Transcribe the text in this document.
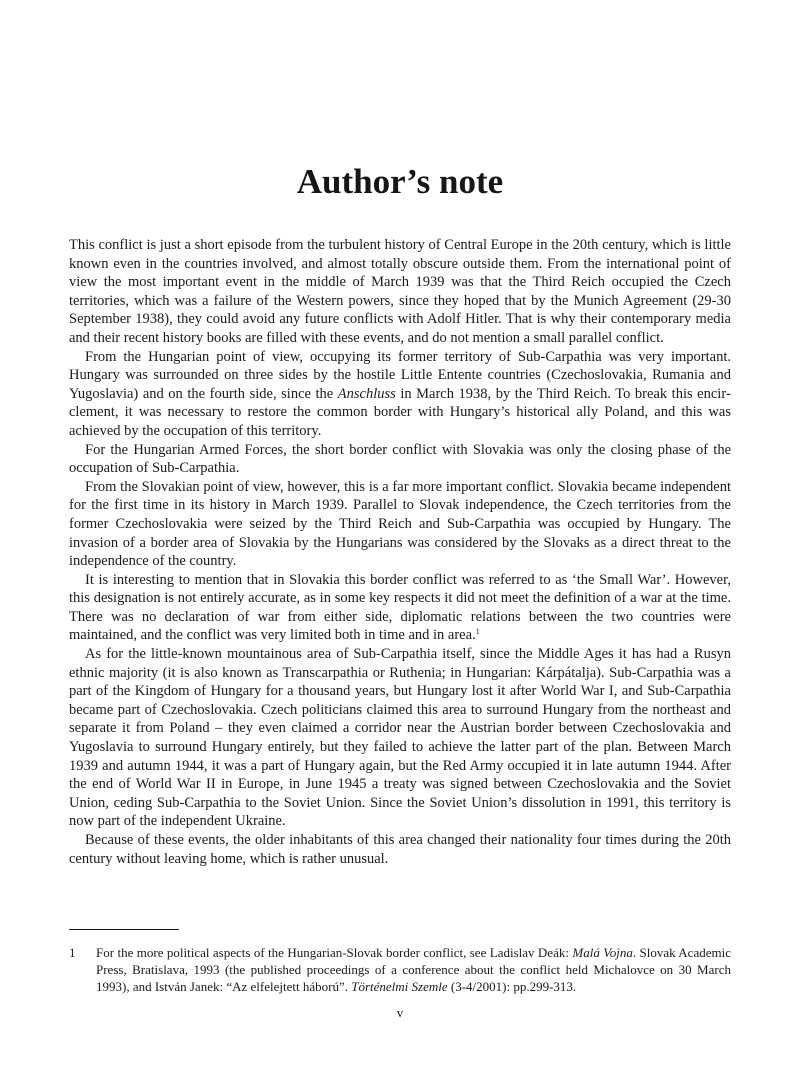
Author’s note

This conflict is just a short episode from the turbulent history of Central Europe in the 20th century, which is little known even in the countries involved, and almost totally obscure outside them. From the international point of view the most important event in the middle of March 1939 was that the Third Reich occupied the Czech territories, which was a failure of the Western powers, since they hoped that by the Munich Agreement (29-30 September 1938), they could avoid any future conflicts with Adolf Hitler. That is why their contemporary media and their recent history books are filled with these events, and do not mention a small parallel conflict.

From the Hungarian point of view, occupying its former territory of Sub-Carpathia was very important. Hungary was surrounded on three sides by the hostile Little Entente countries (Czechoslovakia, Rumania and Yugoslavia) and on the fourth side, since the Anschluss in March 1938, by the Third Reich. To break this encirclement, it was necessary to restore the common border with Hungary’s historical ally Poland, and this was achieved by the occupation of this territory.

For the Hungarian Armed Forces, the short border conflict with Slovakia was only the closing phase of the occupation of Sub-Carpathia.

From the Slovakian point of view, however, this is a far more important conflict. Slovakia became independent for the first time in its history in March 1939. Parallel to Slovak independence, the Czech territories from the former Czechoslovakia were seized by the Third Reich and Sub-Carpathia was occupied by Hungary. The invasion of a border area of Slovakia by the Hungarians was considered by the Slovaks as a direct threat to the independence of the country.

It is interesting to mention that in Slovakia this border conflict was referred to as ‘the Small War’. However, this designation is not entirely accurate, as in some key respects it did not meet the definition of a war at the time. There was no declaration of war from either side, diplomatic relations between the two countries were maintained, and the conflict was very limited both in time and in area.$^1$

As for the little-known mountainous area of Sub-Carpathia itself, since the Middle Ages it has had a Rusyn ethnic majority (it is also known as Transcarpathia or Ruthenia; in Hungarian: Kárpátalja). Sub-Carpathia was a part of the Kingdom of Hungary for a thousand years, but Hungary lost it after World War I, and Sub-Carpathia became part of Czechoslovakia. Czech politicians claimed this area to surround Hungary from the northeast and separate it from Poland – they even claimed a corridor near the Austrian border between Czechoslovakia and Yugoslavia to surround Hungary entirely, but they failed to achieve the latter part of the plan. Between March 1939 and autumn 1944, it was a part of Hungary again, but the Red Army occupied it in late autumn 1944. After the end of World War II in Europe, in June 1945 a treaty was signed between Czechoslovakia and the Soviet Union, ceding Sub-Carpathia to the Soviet Union. Since the Soviet Union’s dissolution in 1991, this territory is now part of the independent Ukraine.

Because of these events, the older inhabitants of this area changed their nationality four times during the 20th century without leaving home, which is rather unusual.

1	For the more political aspects of the Hungarian-Slovak border conflict, see Ladislav Deák: Malá Vojna. Slovak Academic Press, Bratislava, 1993 (the published proceedings of a conference about the conflict held Michalovce on 30 March 1993), and István Janek: “Az elfelejtett háború”. Történelmi Szemle (3-4/2001): pp.299-313.
v
